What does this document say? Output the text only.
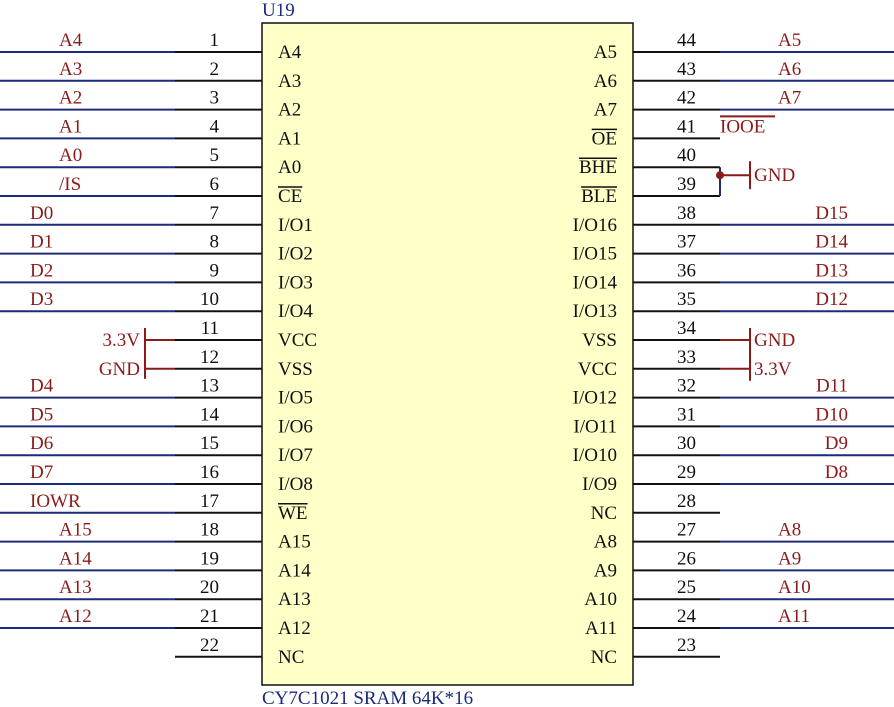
U19
A4	1
A4
A3	2
A3
A2	3
A2
A1	4
A1
A0	5
A0
/IS	6
CE
D0	7
I/O1
D1	8
I/O2
D2	9
I/O3
D3	10
I/O4
11
VCC
12
VSS
D4	13
I/O5
D5	14
I/O6
D6	15
I/O7
D7	16
I/O8
IOWR	17
WE
A15	18
A15
A14	19
A14
A13	20
A13
A12	21
A12
22
NC
A5
44
A5
A6
43
A6
A7
42
A7
41
OE
40
BHE
39
BLE
D15
38
I/O16
D14
37
I/O15
D13
36
I/O14
D12
35
I/O13
34
VSS
33
VCC
D11
32
I/O12
D10
31
I/O11
D9
30
I/O10
D8
29
I/O9
28
NC
A8
27
A8
A9
26
A9
A10
25
A10
A11
24
A11
23
NC
IOOE
3.3V
GND
GND
GND
3.3V
CY7C1021 SRAM 64K*16
